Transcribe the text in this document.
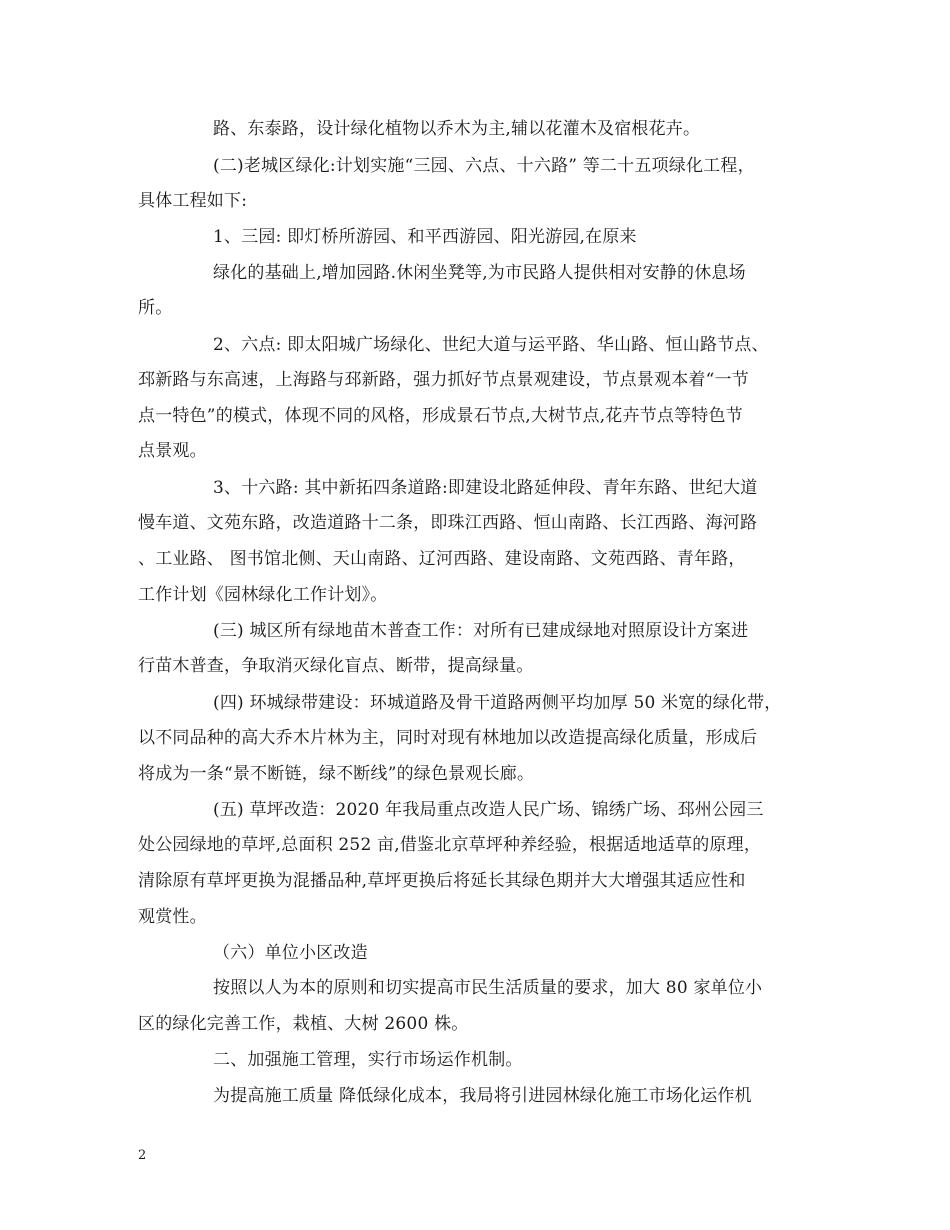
路、东泰路，设计绿化植物以乔木为主,辅以花灌木及宿根花卉。
(二)老城区绿化:计划实施“三园、六点、十六路” 等二十五项绿化工程，
具体工程如下:
1、三园: 即灯桥所游园、和平西游园、阳光游园,在原来
绿化的基础上,增加园路.休闲坐凳等,为市民路人提供相对安静的休息场
所。
2、六点: 即太阳城广场绿化、世纪大道与运平路、华山路、恒山路节点、
邳新路与东高速，上海路与邳新路，强力抓好节点景观建设，节点景观本着“一节
点一特色”的模式，体现不同的风格，形成景石节点,大树节点,花卉节点等特色节
点景观。
3、十六路: 其中新拓四条道路:即建设北路延伸段、青年东路、世纪大道
慢车道、文苑东路，改造道路十二条，即珠江西路、恒山南路、长江西路、海河路
、工业路、 图书馆北侧、天山南路、辽河西路、建设南路、文苑西路、青年路，
工作计划《园林绿化工作计划》。
(三) 城区所有绿地苗木普查工作：对所有已建成绿地对照原设计方案进
行苗木普查，争取消灭绿化盲点、断带，提高绿量。
(四) 环城绿带建设：环城道路及骨干道路两侧平均加厚 50 米宽的绿化带，
以不同品种的高大乔木片林为主，同时对现有林地加以改造提高绿化质量，形成后
将成为一条“景不断链，绿不断线”的绿色景观长廊。
(五) 草坪改造：2020 年我局重点改造人民广场、锦绣广场、邳州公园三
处公园绿地的草坪,总面积 252 亩,借鉴北京草坪种养经验，根据适地适草的原理，
清除原有草坪更换为混播品种,草坪更换后将延长其绿色期并大大增强其适应性和
观赏性。
（六）单位小区改造
按照以人为本的原则和切实提高市民生活质量的要求，加大 80 家单位小
区的绿化完善工作，栽植、大树 2600 株。
二、加强施工管理，实行市场运作机制。
为提高施工质量 降低绿化成本，我局将引进园林绿化施工市场化运作机
2
